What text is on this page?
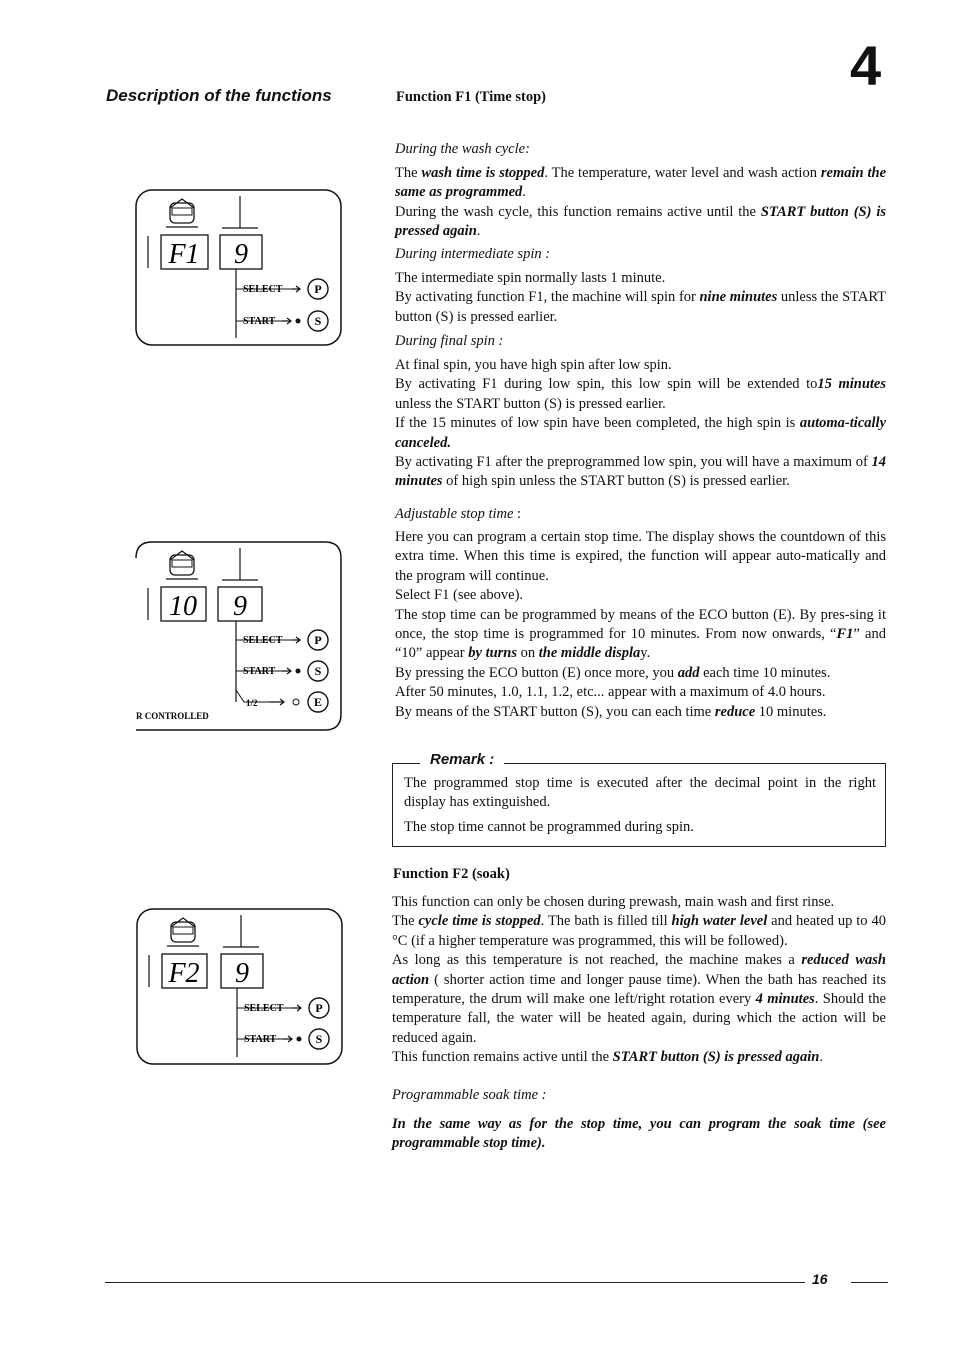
4
Description of the functions	Function F1 (Time stop)
During the wash cycle:

The wash time is stopped. The temperature, water level and wash action remain the same as programmed.

During the wash cycle, this function remains active until the START button (S) is pressed again.

During intermediate spin :

The intermediate spin normally lasts 1 minute.

By activating function F1, the machine will spin for nine minutes unless the START button (S) is pressed earlier.

During final spin :

At final spin, you have high spin after low spin.

By activating F1 during low spin, this low spin will be extended to15 minutes unless the START button (S) is pressed earlier.

If the 15 minutes of low spin have been completed, the high spin is automa-tically canceled.

By activating F1 after the preprogrammed low spin, you will have a maximum of 14 minutes of high spin unless the START button (S) is pressed earlier.

Adjustable stop time :

Here you can program a certain stop time. The display shows the countdown of this extra time. When this time is expired, the function will appear auto-matically and the program will continue.

Select F1 (see above).

The stop time can be programmed by means of the ECO button (E). By pres-sing it once, the stop time is programmed for 10 minutes. From now onwards, “F1” and “10” appear by turns on the middle display.

By pressing the ECO button (E) once more, you add each time 10 minutes.

After 50 minutes, 1.0, 1.1, 1.2, etc... appear with a maximum of 4.0 hours.

By means of the START button (S), you can each time reduce 10 minutes.

Remark :

The programmed stop time is executed after the decimal point in the right display has extinguished.

The stop time cannot be programmed during spin.

Function F2 (soak)

This function can only be chosen during prewash, main wash and first rinse.

The cycle time is stopped. The bath is filled till high water level and heated up to 40 °C (if a higher temperature was programmed, this will be followed).

As long as this temperature is not reached, the machine makes a reduced wash action ( shorter action time and longer pause time). When the bath has reached its temperature, the drum will make one left/right rotation every 4 minutes. Should the temperature fall, the water will be heated again, during which the action will be reduced again.

This function remains active until the START button (S) is pressed again.

Programmable soak time :

In the same way as for the stop time, you can program the soak time (see programmable stop time).

F1 9
SELECT	P
START	S
10 9
SELECT	P
START	S
1/2	E
R CONTROLLED
F2 9
SELECT	P
START	S
16
